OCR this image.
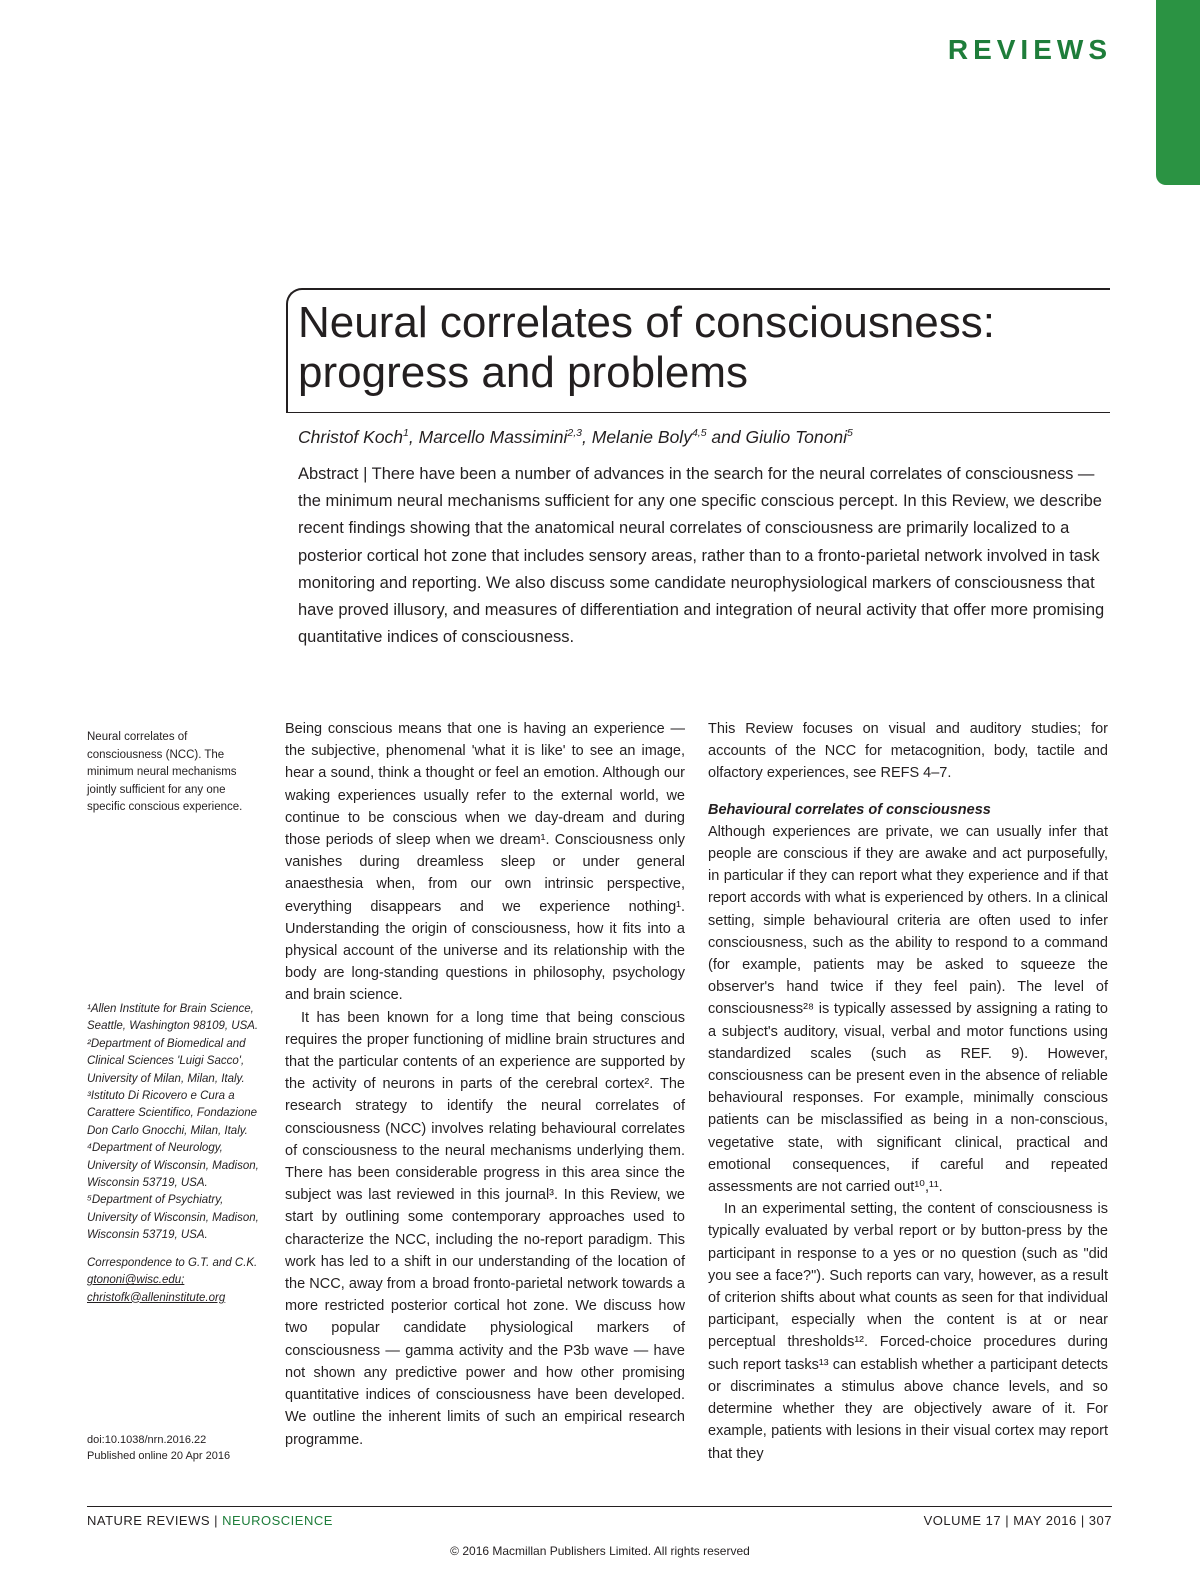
REVIEWS
Neural correlates of consciousness:
progress and problems
Christof Koch$^1$, Marcello Massimini$^{2,3}$, Melanie Boly$^{4,5}$ and Giulio Tononi$^5$
Abstract | There have been a number of advances in the search for the neural correlates of consciousness — the minimum neural mechanisms sufficient for any one specific conscious percept. In this Review, we describe recent findings showing that the anatomical neural correlates of consciousness are primarily localized to a posterior cortical hot zone that includes sensory areas, rather than to a fronto-parietal network involved in task monitoring and reporting. We also discuss some candidate neurophysiological markers of consciousness that have proved illusory, and measures of differentiation and integration of neural activity that offer more promising quantitative indices of consciousness.
Neural correlates of consciousness (NCC). The minimum neural mechanisms jointly sufficient for any one specific conscious experience.

¹Allen Institute for Brain Science, Seattle, Washington 98109, USA.

²Department of Biomedical and Clinical Sciences 'Luigi Sacco', University of Milan, Milan, Italy.

³Istituto Di Ricovero e Cura a Carattere Scientifico, Fondazione Don Carlo Gnocchi, Milan, Italy.

⁴Department of Neurology, University of Wisconsin, Madison, Wisconsin 53719, USA.

⁵Department of Psychiatry, University of Wisconsin, Madison, Wisconsin 53719, USA.

Correspondence to G.T. and C.K.

gtononi@wisc.edu;

christofk@alleninstitute.org

doi:10.1038/nrn.2016.22
Published online 20 Apr 2016

Being conscious means that one is having an experience — the subjective, phenomenal 'what it is like' to see an image, hear a sound, think a thought or feel an emotion. Although our waking experiences usually refer to the external world, we continue to be conscious when we day-dream and during those periods of sleep when we dream¹. Consciousness only vanishes during dreamless sleep or under general anaesthesia when, from our own intrinsic perspective, everything disappears and we experience nothing¹. Understanding the origin of consciousness, how it fits into a physical account of the universe and its relationship with the body are long-standing questions in philosophy, psychology and brain science.

It has been known for a long time that being conscious requires the proper functioning of midline brain structures and that the particular contents of an experience are supported by the activity of neurons in parts of the cerebral cortex². The research strategy to identify the neural correlates of consciousness (NCC) involves relating behavioural correlates of consciousness to the neural mechanisms underlying them. There has been considerable progress in this area since the subject was last reviewed in this journal³. In this Review, we start by outlining some contemporary approaches used to characterize the NCC, including the no-report paradigm. This work has led to a shift in our understanding of the location of the NCC, away from a broad fronto-parietal network towards a more restricted posterior cortical hot zone. We discuss how two popular candidate physiological markers of consciousness — gamma activity and the P3b wave — have not shown any predictive power and how other promising quantitative indices of consciousness have been developed. We outline the inherent limits of such an empirical research programme.

This Review focuses on visual and auditory studies; for accounts of the NCC for metacognition, body, tactile and olfactory experiences, see REFS 4–7.

Behavioural correlates of consciousness

Although experiences are private, we can usually infer that people are conscious if they are awake and act purposefully, in particular if they can report what they experience and if that report accords with what is experienced by others. In a clinical setting, simple behavioural criteria are often used to infer consciousness, such as the ability to respond to a command (for example, patients may be asked to squeeze the observer's hand twice if they feel pain). The level of consciousness²⁸ is typically assessed by assigning a rating to a subject's auditory, visual, verbal and motor functions using standardized scales (such as REF. 9). However, consciousness can be present even in the absence of reliable behavioural responses. For example, minimally conscious patients can be misclassified as being in a non-conscious, vegetative state, with significant clinical, practical and emotional consequences, if careful and repeated assessments are not carried out¹⁰,¹¹.

In an experimental setting, the content of consciousness is typically evaluated by verbal report or by button-press by the participant in response to a yes or no question (such as "did you see a face?"). Such reports can vary, however, as a result of criterion shifts about what counts as seen for that individual participant, especially when the content is at or near perceptual thresholds¹². Forced-choice procedures during such report tasks¹³ can establish whether a participant detects or discriminates a stimulus above chance levels, and so determine whether they are objectively aware of it. For example, patients with lesions in their visual cortex may report that they

NATURE REVIEWS | NEUROSCIENCE	VOLUME 17 | MAY 2016 | 307
© 2016 Macmillan Publishers Limited. All rights reserved
